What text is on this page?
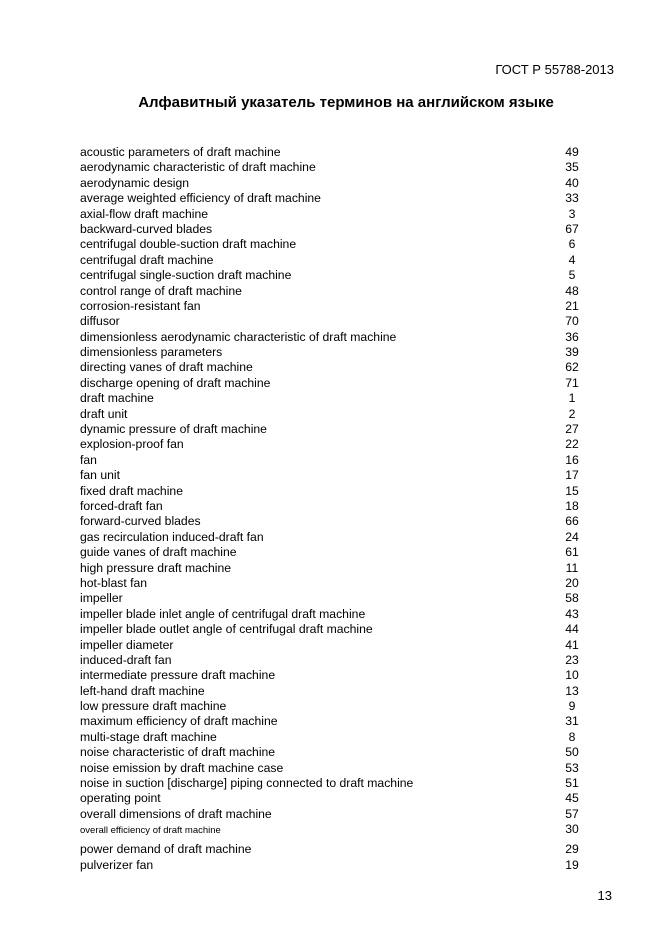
ГОСТ Р 55788-2013
Алфавитный указатель терминов на английском языке
acoustic parameters of draft machine	49
aerodynamic characteristic of draft machine	35
aerodynamic design	40
average weighted efficiency of draft machine	33
axial-flow draft machine	3
backward-curved blades	67
centrifugal double-suction draft machine	6
centrifugal draft machine	4
centrifugal single-suction draft machine	5
control range of draft machine	48
corrosion-resistant fan	21
diffusor	70
dimensionless aerodynamic characteristic of draft machine	36
dimensionless parameters	39
directing vanes of draft machine	62
discharge opening of draft machine	71
draft machine	1
draft unit	2
dynamic pressure of draft machine	27
explosion-proof fan	22
fan	16
fan unit	17
fixed draft machine	15
forced-draft fan	18
forward-curved blades	66
gas recirculation induced-draft fan	24
guide vanes of draft machine	61
high pressure draft machine	11
hot-blast fan	20
impeller	58
impeller blade inlet angle of centrifugal draft machine	43
impeller blade outlet angle of centrifugal draft machine	44
impeller diameter	41
induced-draft fan	23
intermediate pressure draft machine	10
left-hand draft machine	13
low pressure draft machine	9
maximum efficiency of draft machine	31
multi-stage draft machine	8
noise characteristic of draft machine	50
noise emission by draft machine case	53
noise in suction [discharge] piping connected to draft machine	51
operating point	45
overall dimensions of draft machine	57
overall efficiency of draft machine	30
power demand of draft machine	29
pulverizer fan	19
13
